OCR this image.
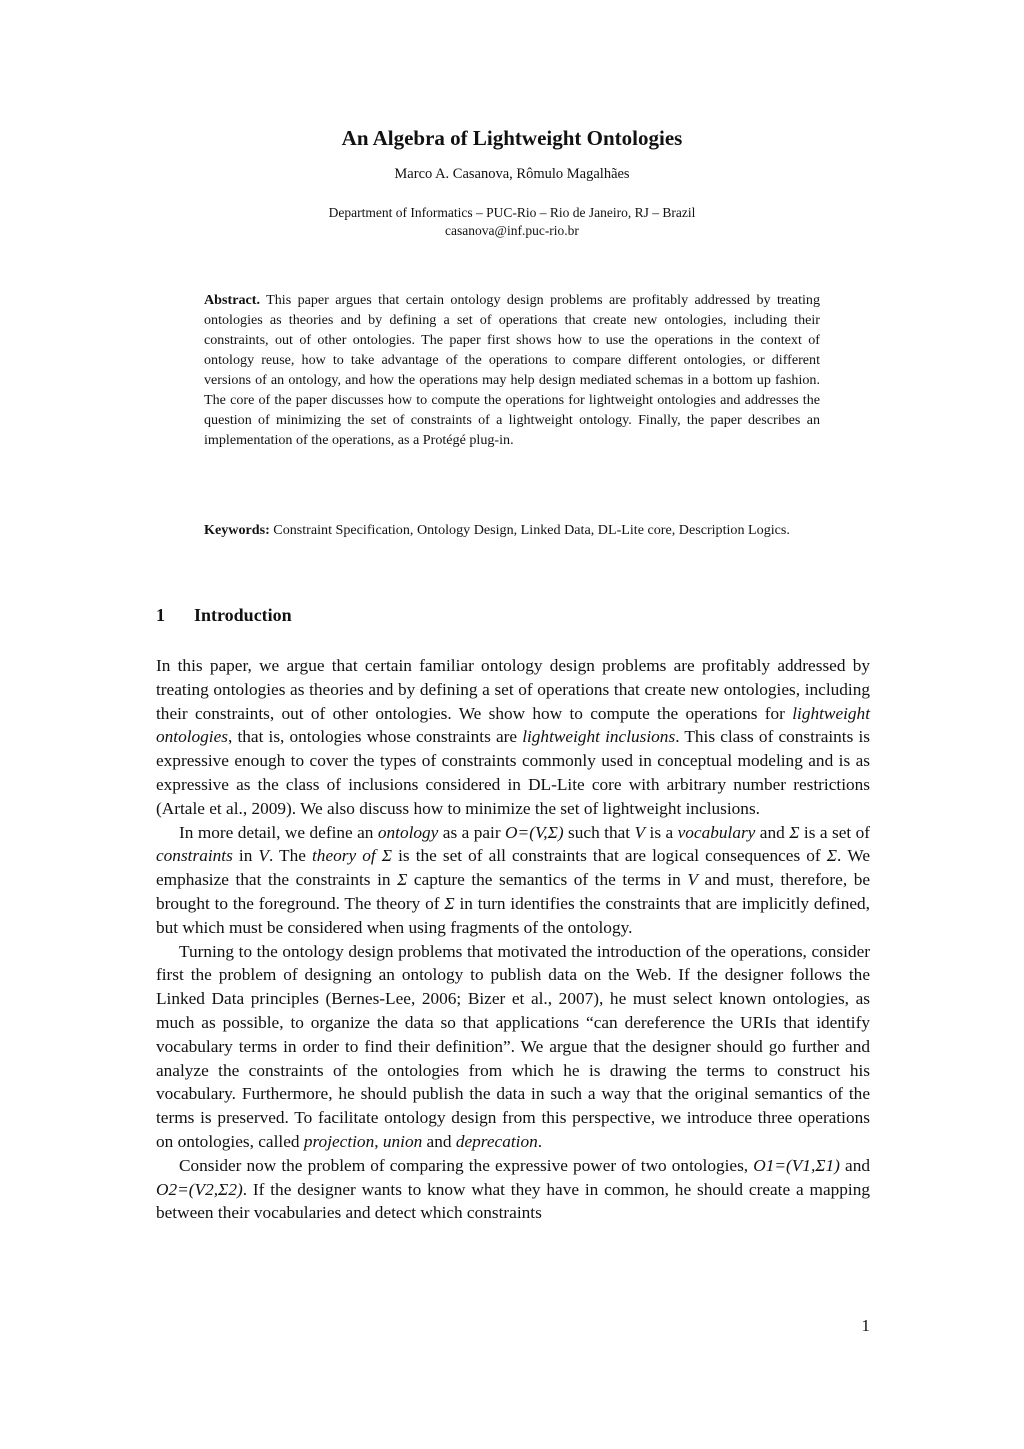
An Algebra of Lightweight Ontologies
Marco A. Casanova, Rômulo Magalhães
Department of Informatics – PUC-Rio – Rio de Janeiro, RJ – Brazil
casanova@inf.puc-rio.br

Abstract. This paper argues that certain ontology design problems are profitably addressed by treating ontologies as theories and by defining a set of operations that create new ontologies, including their constraints, out of other ontologies. The paper first shows how to use the operations in the context of ontology reuse, how to take advantage of the operations to compare different ontologies, or different versions of an ontology, and how the operations may help design mediated schemas in a bottom up fashion. The core of the paper discusses how to compute the operations for lightweight ontologies and addresses the question of minimizing the set of constraints of a lightweight ontology. Finally, the paper describes an implementation of the operations, as a Protégé plug-in.

Keywords: Constraint Specification, Ontology Design, Linked Data, DL-Lite core, Description Logics.

1 Introduction

In this paper, we argue that certain familiar ontology design problems are profitably addressed by treating ontologies as theories and by defining a set of operations that create new ontologies, including their constraints, out of other ontologies. We show how to compute the operations for lightweight ontologies, that is, ontologies whose constraints are lightweight inclusions. This class of constraints is expressive enough to cover the types of constraints commonly used in conceptual modeling and is as expressive as the class of inclusions considered in DL-Lite core with arbitrary number restrictions (Artale et al., 2009). We also discuss how to minimize the set of lightweight inclusions.

In more detail, we define an ontology as a pair O=(V,Σ) such that V is a vocabulary and Σ is a set of constraints in V. The theory of Σ is the set of all constraints that are logical consequences of Σ. We emphasize that the constraints in Σ capture the semantics of the terms in V and must, therefore, be brought to the foreground. The theory of Σ in turn identifies the constraints that are implicitly defined, but which must be considered when using fragments of the ontology.

Turning to the ontology design problems that motivated the introduction of the operations, consider first the problem of designing an ontology to publish data on the Web. If the designer follows the Linked Data principles (Bernes-Lee, 2006; Bizer et al., 2007), he must select known ontologies, as much as possible, to organize the data so that applications “can dereference the URIs that identify vocabulary terms in order to find their definition”. We argue that the designer should go further and analyze the constraints of the ontologies from which he is drawing the terms to construct his vocabulary. Furthermore, he should publish the data in such a way that the original semantics of the terms is preserved. To facilitate ontology design from this perspective, we introduce three operations on ontologies, called projection, union and deprecation.

Consider now the problem of comparing the expressive power of two ontologies, O1=(V1,Σ1) and O2=(V2,Σ2). If the designer wants to know what they have in common, he should create a mapping between their vocabularies and detect which constraints

1
